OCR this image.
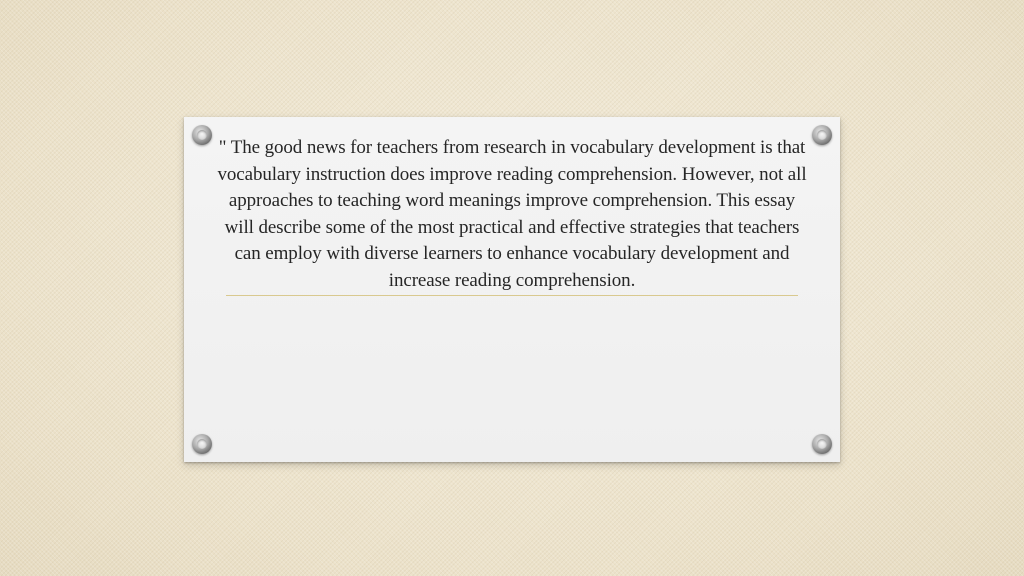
" The good news for teachers from research in vocabulary development is that vocabulary instruction does improve reading comprehension. However, not all approaches to teaching word meanings improve comprehension. This essay will describe some of the most practical and effective strategies that teachers can employ with diverse learners to enhance vocabulary development and increase reading comprehension.
